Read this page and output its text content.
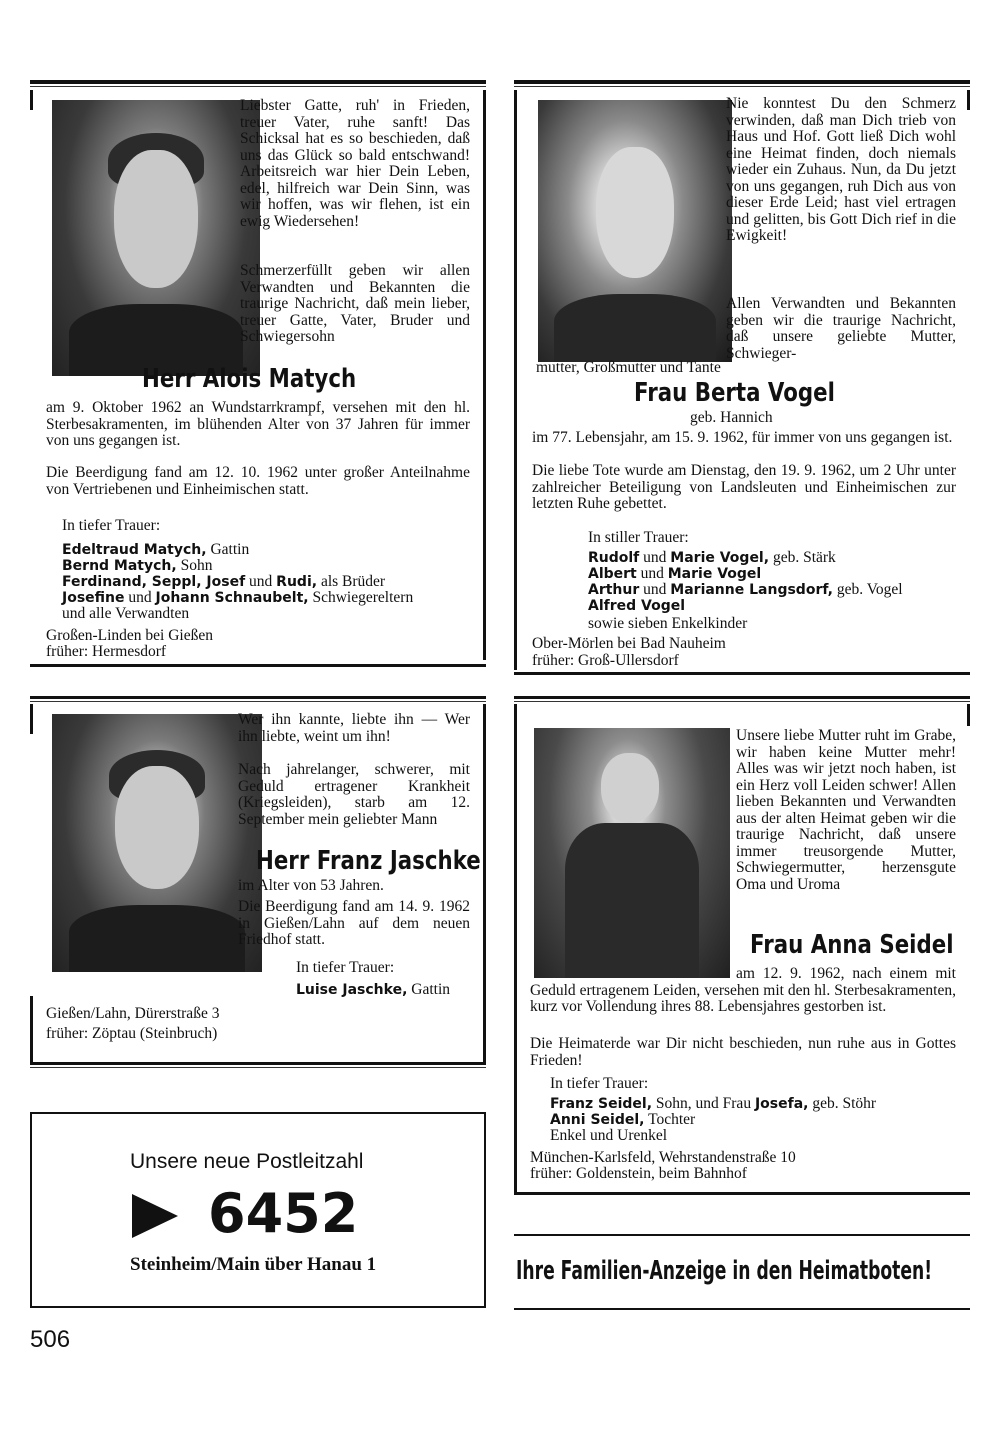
Liebster Gatte, ruh' in Frieden, treuer Vater, ruhe sanft! Das Schicksal hat es so beschieden, daß uns das Glück so bald entschwand! Arbeitsreich war hier Dein Leben, edel, hilfreich war Dein Sinn, was wir hoffen, was wir flehen, ist ein ewig Wiedersehen!

Schmerzerfüllt geben wir allen Verwandten und Bekannten die traurige Nachricht, daß mein lieber, treuer Gatte, Vater, Bruder und Schwiegersohn

Herr Alois Matych

am 9. Oktober 1962 an Wundstarrkrampf, versehen mit den hl. Sterbesakramenten, im blühenden Alter von 37 Jahren für immer von uns gegangen ist.

Die Beerdigung fand am 12. 10. 1962 unter großer Anteilnahme von Vertriebenen und Einheimischen statt.

In tiefer Trauer:

Edeltraud Matych, Gattin

Bernd Matych, Sohn

Ferdinand, Seppl, Josef und Rudi, als Brüder

Josefine und Johann Schnaubelt, Schwiegereltern

und alle Verwandten

Großen-Linden bei Gießen

früher: Hermesdorf

Nie konntest Du den Schmerz verwinden, daß man Dich trieb von Haus und Hof. Gott ließ Dich wohl eine Heimat finden, doch niemals wieder ein Zuhaus. Nun, da Du jetzt von uns gegangen, ruh Dich aus von dieser Erde Leid; hast viel ertragen und gelitten, bis Gott Dich rief in die Ewigkeit!

Allen Verwandten und Bekannten geben wir die traurige Nachricht, daß unsere geliebte Mutter, Schwieger-

mutter, Großmutter und Tante

Frau Berta Vogel

geb. Hannich

im 77. Lebensjahr, am 15. 9. 1962, für immer von uns gegangen ist.

Die liebe Tote wurde am Dienstag, den 19. 9. 1962, um 2 Uhr unter zahlreicher Beteiligung von Landsleuten und Einheimischen zur letzten Ruhe gebettet.

In stiller Trauer:

Rudolf und Marie Vogel, geb. Stärk

Albert und Marie Vogel

Arthur und Marianne Langsdorf, geb. Vogel

Alfred Vogel

sowie sieben Enkelkinder

Ober-Mörlen bei Bad Nauheim

früher: Groß-Ullersdorf

Wer ihn kannte, liebte ihn — Wer ihn liebte, weint um ihn!

Nach jahrelanger, schwerer, mit Geduld ertragener Krankheit (Kriegsleiden), starb am 12. September mein geliebter Mann

Herr Franz Jaschke

im Alter von 53 Jahren.

Die Beerdigung fand am 14. 9. 1962 in Gießen/Lahn auf dem neuen Friedhof statt.

In tiefer Trauer:

Luise Jaschke, Gattin

Gießen/Lahn, Dürerstraße 3

früher: Zöptau (Steinbruch)

Unsere liebe Mutter ruht im Grabe, wir haben keine Mutter mehr! Alles was wir jetzt noch haben, ist ein Herz voll Leiden schwer! Allen lieben Bekannten und Verwandten aus der alten Heimat geben wir die traurige Nachricht, daß unsere immer treusorgende Mutter, Schwiegermutter, herzensgute Oma und Uroma

Frau Anna Seidel

am 12. 9. 1962, nach einem mit Geduld ertragenem Leiden, versehen mit den hl. Sterbesakramenten, kurz vor Vollendung ihres 88. Lebensjahres gestorben ist.

Die Heimaterde war Dir nicht beschieden, nun ruhe aus in Gottes Frieden!

In tiefer Trauer:

Franz Seidel, Sohn, und Frau Josefa, geb. Stöhr

Anni Seidel, Tochter

Enkel und Urenkel

München-Karlsfeld, Wehrstandenstraße 10

früher: Goldenstein, beim Bahnhof

Unsere neue Postleitzahl

6452

Steinheim/Main über Hanau 1	Ihre Familien-Anzeige in den Heimatboten!

506
